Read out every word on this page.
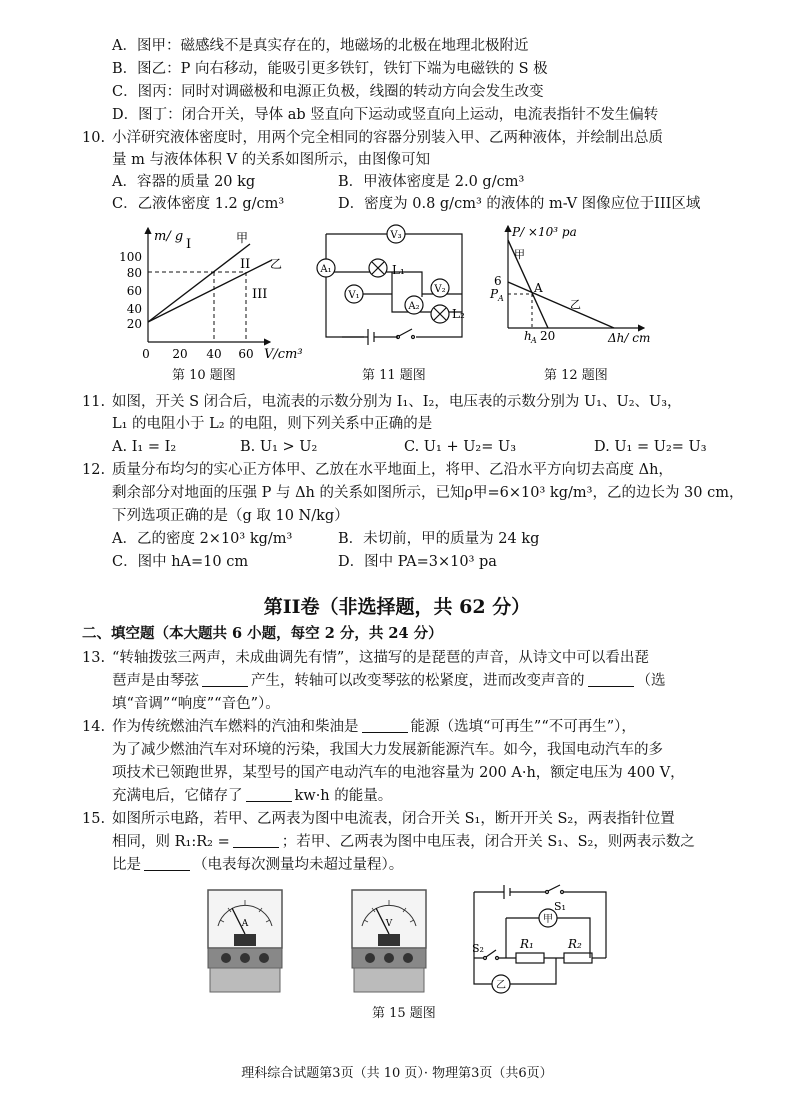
A．图甲：磁感线不是真实存在的，地磁场的北极在地理北极附近
B．图乙：P 向右移动，能吸引更多铁钉，铁钉下端为电磁铁的 S 极
C．图丙：同时对调磁极和电源正负极，线圈的转动方向会发生改变
D．图丁：闭合开关，导体 ab 竖直向下运动或竖直向上运动，电流表指针不发生偏转
10. 小洋研究液体密度时，用两个完全相同的容器分别装入甲、乙两种液体，并绘制出总质
量 m 与液体体积 V 的关系如图所示，由图像可知
A．容器的质量 20 kg	B．甲液体密度是 2.0 g/cm³
C．乙液体密度 1.2 g/cm³	D．密度为 0.8 g/cm³ 的液体的 m-V 图像应位于III区域
m/ g
100
80
60
40
20
0 20 40 60 V/cm³
I
II
III
甲
乙
第 10 题图
V₃
A₁	L₁
V₁
A₂
V₂
L₂
第 11 题图
P/ ×10³ pa
6
P A
A
h A 20	Δh/ cm
甲
乙
第 12 题图
11. 如图，开关 S 闭合后，电流表的示数分别为 I₁、I₂，电压表的示数分别为 U₁、U₂、U₃，
L₁ 的电阻小于 L₂ 的电阻，则下列关系中正确的是
A. I₁ = I₂	B. U₁ > U₂	C. U₁ + U₂= U₃	D. U₁ = U₂= U₃
12. 质量分布均匀的实心正方体甲、乙放在水平地面上，将甲、乙沿水平方向切去高度 Δh，
剩余部分对地面的压强 P 与 Δh 的关系如图所示，已知ρ甲=6×10³ kg/m³，乙的边长为 30 cm，
下列选项正确的是（g 取 10 N/kg）
A．乙的密度 2×10³ kg/m³	B．未切前，甲的质量为 24 kg
C．图中 hA=10 cm	D．图中 PA=3×10³ pa
第II卷（非选择题，共 62 分）
二、填空题（本大题共 6 小题，每空 2 分，共 24 分）
13. “转轴拨弦三两声，未成曲调先有情”，这描写的是琵琶的声音，从诗文中可以看出琵
琶声是由琴弦	产生，转轴可以改变琴弦的松紧度，进而改变声音的	（选
填“音调”“响度”“音色”）。
14. 作为传统燃油汽车燃料的汽油和柴油是	能源（选填“可再生”“不可再生”），
为了减少燃油汽车对环境的污染，我国大力发展新能源汽车。如今，我国电动汽车的多
项技术已领跑世界，某型号的国产电动汽车的电池容量为 200 A·h，额定电压为 400 V，
充满电后，它储存了	kw·h 的能量。
15. 如图所示电路，若甲、乙两表为图中电流表，闭合开关 S₁，断开开关 S₂，两表指针位置
相同，则 R₁:R₂ =	；若甲、乙两表为图中电压表，闭合开关 S₁、S₂，则两表示数之
比是	（电表每次测量均未超过量程）。
A	V	甲
乙
S₁
S₂	R₁	R₂
第 15 题图
理科综合试题第3页（共 10 页）· 物理第3页（共6页）
